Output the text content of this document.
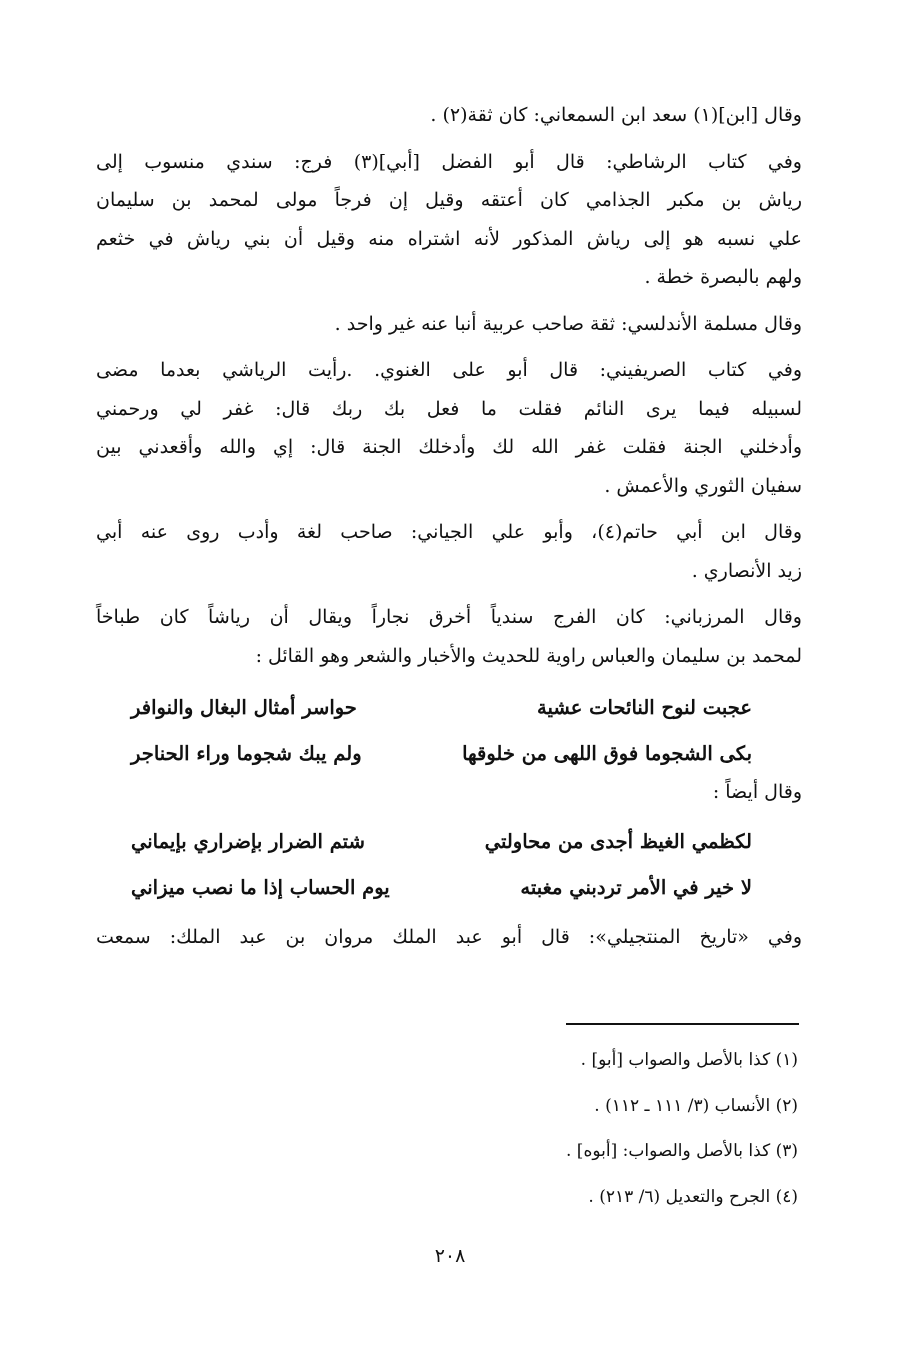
وقال [ابن](١) سعد ابن السمعاني: كان ثقة(٢) .
وفي كتاب الرشاطي: قال أبو الفضل [أبي](٣) فرج: سندي منسوب إلى
رياش بن مكبر الجذامي كان أعتقه وقيل إن فرجاً مولى لمحمد بن سليمان
علي نسبه هو إلى رياش المذكور لأنه اشتراه منه وقيل أن بني رياش في خثعم
ولهم بالبصرة خطة .
وقال مسلمة الأندلسي: ثقة صاحب عربية أنبا عنه غير واحد .
وفي كتاب الصريفيني: قال أبو على الغنوي. .رأيت الرياشي بعدما مضى
لسبيله فيما يرى النائم فقلت ما فعل بك ربك قال: غفر لي ورحمني
وأدخلني الجنة فقلت غفر الله لك وأدخلك الجنة قال: إي والله وأقعدني بين
سفيان الثوري والأعمش .
وقال ابن أبي حاتم(٤)، وأبو علي الجياني: صاحب لغة وأدب روى عنه أبي
زيد الأنصاري .
وقال المرزباني: كان الفرج سندياً أخرق نجاراً ويقال أن رياشاً كان طباخاً
لمحمد بن سليمان والعباس راوية للحديث والأخبار والشعر وهو القائل :
عجبت لنوح النائحات عشية
حواسر أمثال البغال والنوافر
بكى الشجوما فوق اللهى من خلوقها
ولم يبك شجوما وراء الحناجر
وقال أيضاً :
لكظمي الغيظ أجدى من محاولتي
شتم الضرار بإضراري بإيماني
لا خير في الأمر تردبني مغبته
يوم الحساب إذا ما نصب ميزاني
وفي «تاريخ المنتجيلي»: قال أبو عبد الملك مروان بن عبد الملك: سمعت
(١) كذا بالأصل والصواب [أبو] .
(٢) الأنساب (٣/ ١١١ ـ ١١٢) .
(٣) كذا بالأصل والصواب: [أبوه] .
(٤) الجرح والتعديل (٦/ ٢١٣) .
٢٠٨
